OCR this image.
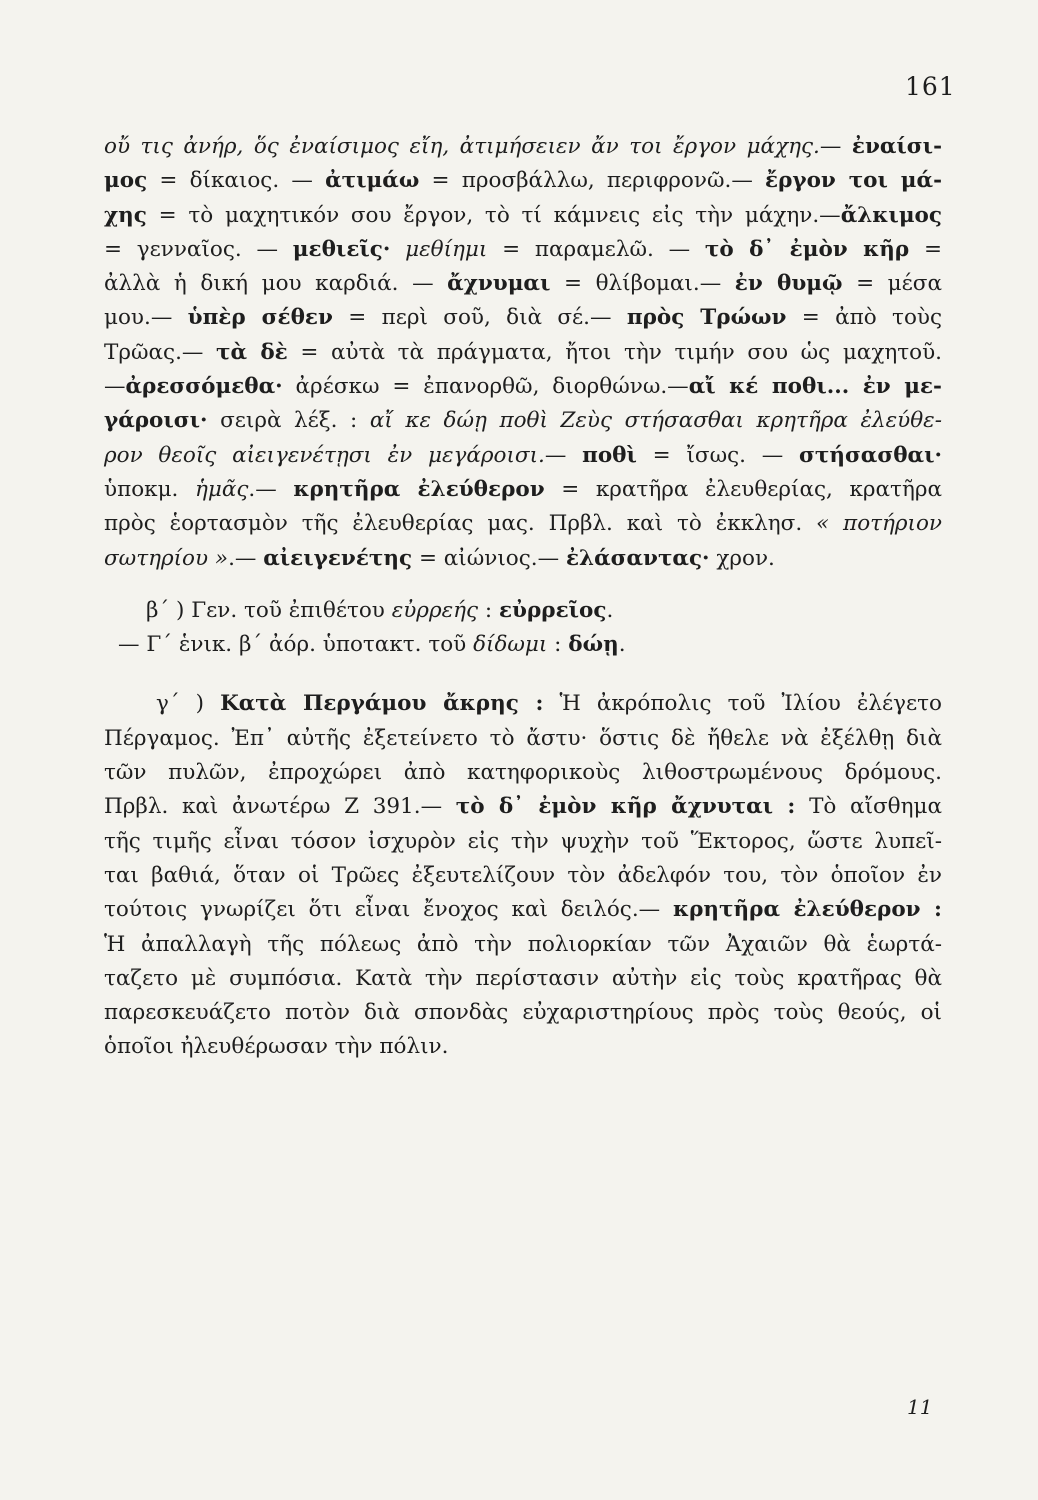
161
οὔ τις ἀνήρ, ὅς ἐναίσιμος εἴη, ἀτιμήσειεν ἄν τοι ἔργον μάχης.— ἐναίσι-
μος = δίκαιος. — ἀτιμάω = προσβάλλω, περιφρονῶ.— ἔργον τοι μά-
χης = τὸ μαχητικόν σου ἔργον, τὸ τί κάμνεις εἰς τὴν μάχην.—ἄλκιμος
= γενναῖος. — μεθιεῖς· μεθίημι = παραμελῶ. — τὸ δ᾽ ἐμὸν κῆρ =
ἀλλὰ ἡ δική μου καρδιά. — ἄχνυμαι = θλίβομαι.— ἐν θυμῷ = μέσα
μου.— ὑπὲρ σέθεν = περὶ σοῦ, διὰ σέ.— πρὸς Τρώων = ἀπὸ τοὺς
Τρῶας.— τὰ δὲ = αὐτὰ τὰ πράγματα, ἤτοι τὴν τιμήν σου ὡς μαχητοῦ.
—ἀρεσσόμεθα· ἀρέσκω = ἐπανορθῶ, διορθώνω.—αἴ κέ ποθι... ἐν με-
γάροισι· σειρὰ λέξ. : αἴ κε δώῃ ποθὶ Ζεὺς στήσασθαι κρητῆρα ἐλεύθε-
ρον θεοῖς αἰειγενέτῃσι ἐν μεγάροισι.— ποθὶ = ἴσως. — στήσασθαι·
ὑποκμ. ἡμᾶς.— κρητῆρα ἐλεύθερον = κρατῆρα ἐλευθερίας, κρατῆρα
πρὸς ἑορτασμὸν τῆς ἐλευθερίας μας. Πρβλ. καὶ τὸ ἐκκλησ. « ποτήριον
σωτηρίου ».— αἰειγενέτης = αἰώνιος.— ἐλάσαντας· χρον.
β΄ ) Γεν. τοῦ ἐπιθέτου εὐρρεής : εὐρρεῖος.
— Γ΄ ἑνικ. β΄ ἀόρ. ὑποτακτ. τοῦ δίδωμι : δώῃ.
γ΄ ) Κατὰ Περγάμου ἄκρης : Ἡ ἀκρόπολις τοῦ Ἰλίου ἐλέγετο
Πέργαμος. Ἐπ᾽ αὐτῆς ἐξετείνετο τὸ ἄστυ· ὅστις δὲ ἤθελε νὰ ἐξέλθῃ διὰ
τῶν πυλῶν, ἐπροχώρει ἀπὸ κατηφορικοὺς λιθοστρωμένους δρόμους.
Πρβλ. καὶ ἀνωτέρω Ζ 391.— τὸ δ᾽ ἐμὸν κῆρ ἄχνυται : Τὸ αἴσθημα
τῆς τιμῆς εἶναι τόσον ἰσχυρὸν εἰς τὴν ψυχὴν τοῦ Ἕκτορος, ὥστε λυπεῖ-
ται βαθιά, ὅταν οἱ Τρῶες ἐξευτελίζουν τὸν ἀδελφόν του, τὸν ὁποῖον ἐν
τούτοις γνωρίζει ὅτι εἶναι ἔνοχος καὶ δειλός.— κρητῆρα ἐλεύθερον :
Ἡ ἀπαλλαγὴ τῆς πόλεως ἀπὸ τὴν πολιορκίαν τῶν Ἀχαιῶν θὰ ἑωρτά-
ταζετο μὲ συμπόσια. Κατὰ τὴν περίστασιν αὐτὴν εἰς τοὺς κρατῆρας θὰ
παρεσκευάζετο ποτὸν διὰ σπονδὰς εὐχαριστηρίους πρὸς τοὺς θεούς, οἱ
ὁποῖοι ἠλευθέρωσαν τὴν πόλιν.
11
